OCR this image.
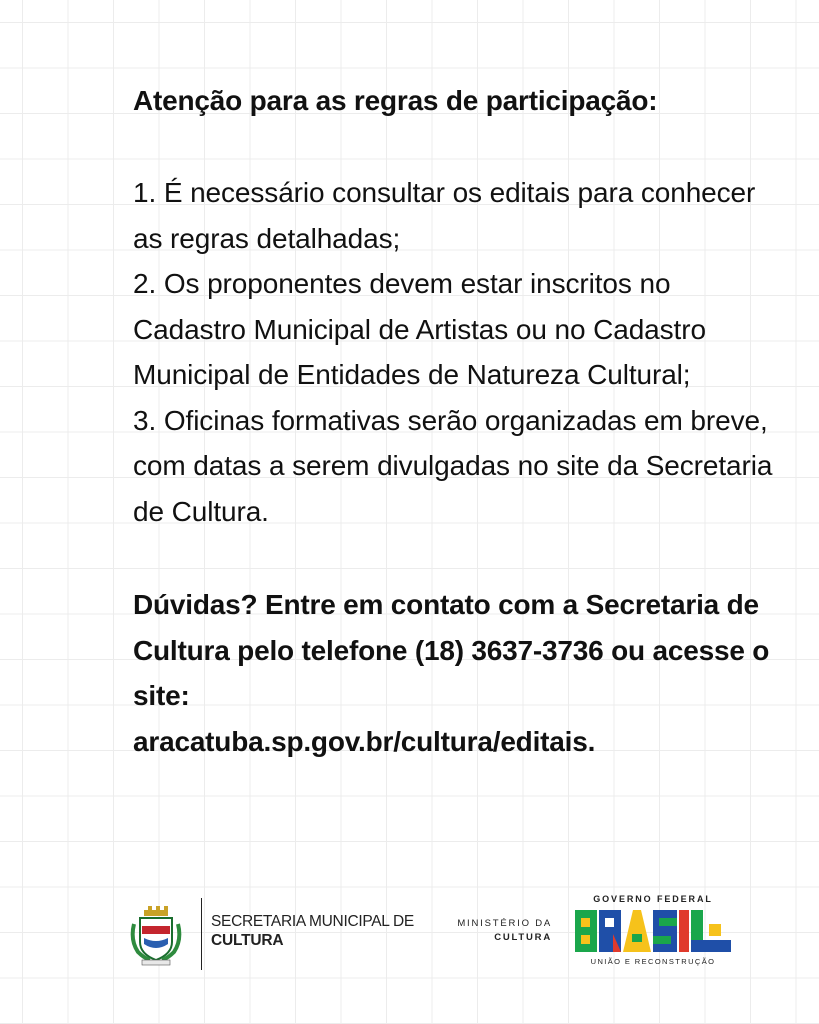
Atenção para as regras de participação:

1. É necessário consultar os editais para conhecer as regras detalhadas;

2. Os proponentes devem estar inscritos no Cadastro Municipal de Artistas ou no Cadastro Municipal de Entidades de Natureza Cultural;

3. Oficinas formativas serão organizadas em breve, com datas a serem divulgadas no site da Secretaria de Cultura.

Dúvidas? Entre em contato com a Secretaria de Cultura pelo telefone (18) 3637-3736 ou acesse o site:

aracatuba.sp.gov.br/cultura/editais.

SECRETARIA MUNICIPAL DE
CULTURA
MINISTÉRIO DA
CULTURA
GOVERNO FEDERAL
UNIÃO E RECONSTRUÇÃO
